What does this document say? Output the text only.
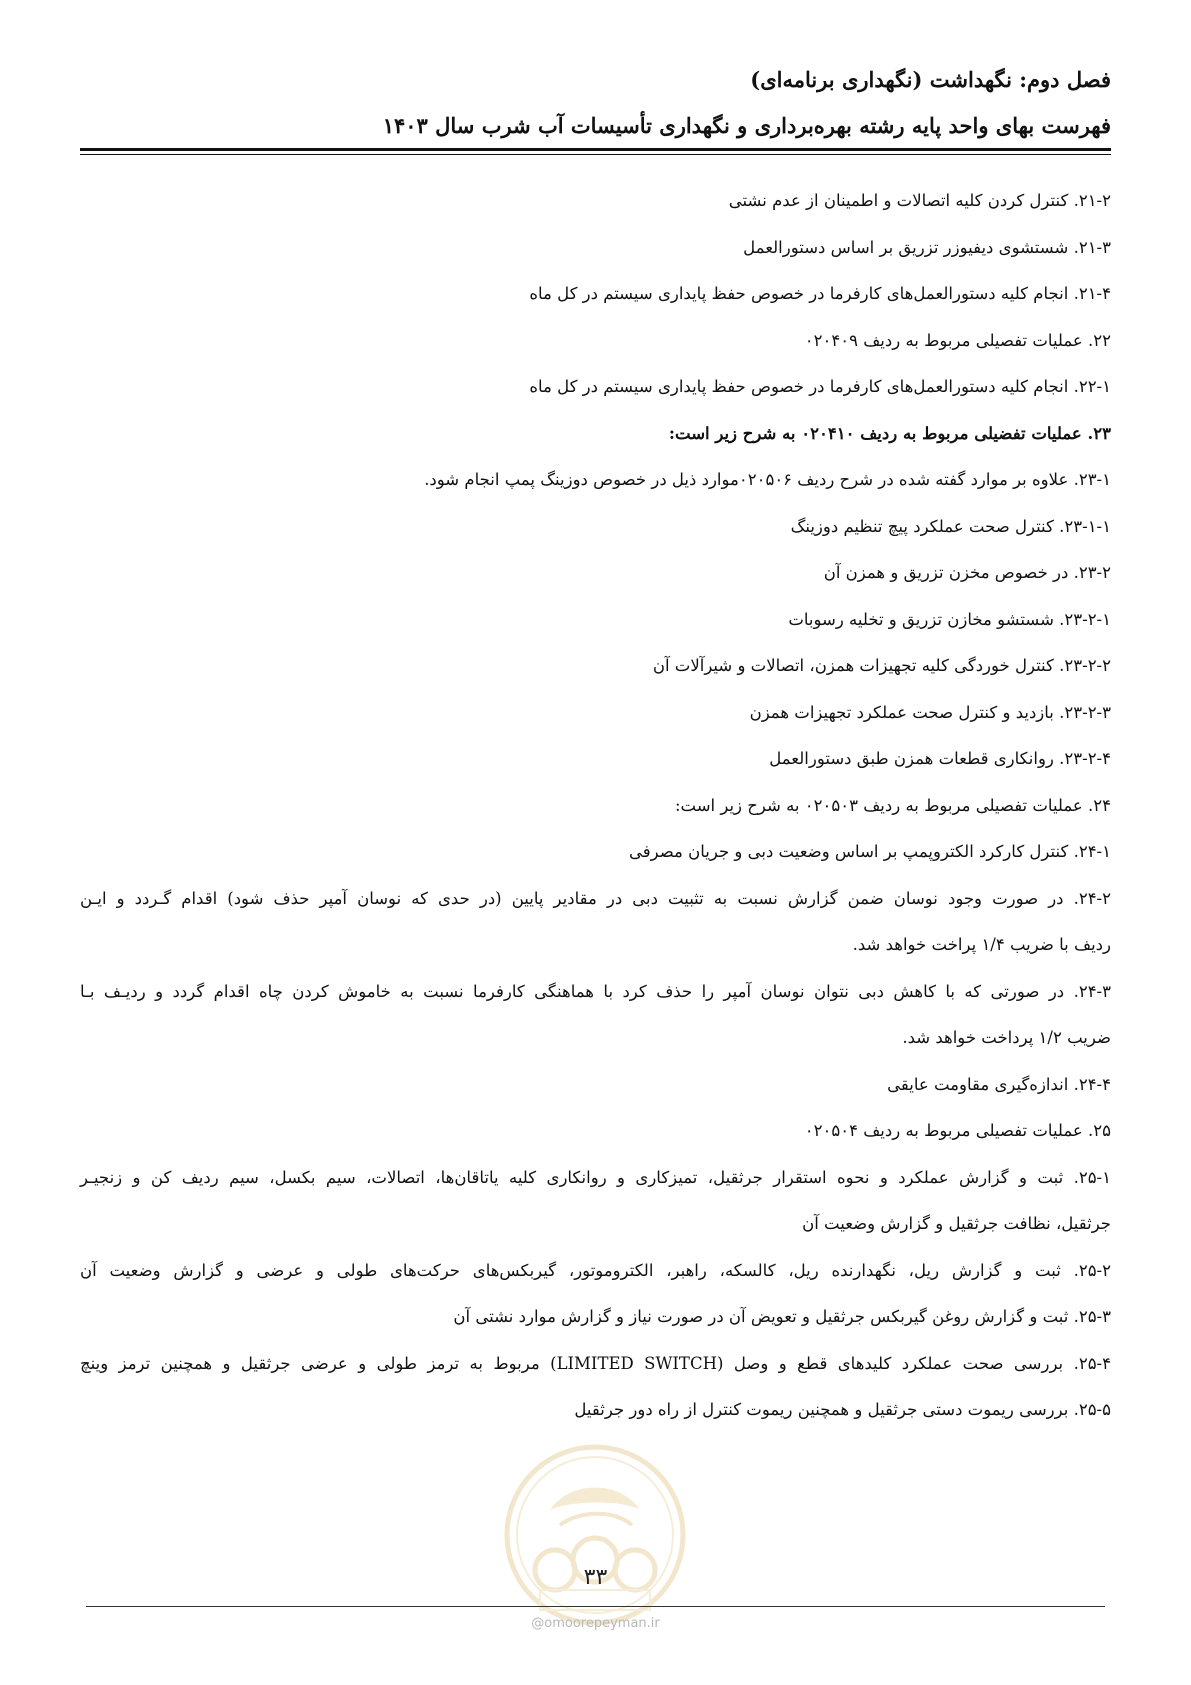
فصل دوم: نگهداشت (نگهداری برنامه‌ای)
فهرست بهای واحد پایه رشته بهره‌برداری و نگهداری تأسیسات آب شرب سال ۱۴۰۳
۲۱-۲. کنترل کردن کلیه اتصالات و اطمینان از عدم نشتی
۲۱-۳. شستشوی دیفیوزر تزریق بر اساس دستورالعمل
۲۱-۴. انجام کلیه دستورالعمل‌های کارفرما در خصوص حفظ پایداری سیستم در کل ماه
۲۲. عملیات تفصیلی مربوط به ردیف ۰۲۰۴۰۹
۲۲-۱. انجام کلیه دستورالعمل‌های کارفرما در خصوص حفظ پایداری سیستم در کل ماه
۲۳. عملیات تفضیلی مربوط به ردیف ۰۲۰۴۱۰ به شرح زیر است:
۲۳-۱. علاوه بر موارد گفته شده در شرح ردیف ۰۲۰۵۰۶موارد ذیل در خصوص دوزینگ پمپ انجام شود.
۲۳-۱-۱. کنترل صحت عملکرد پیچ تنظیم دوزینگ
۲۳-۲. در خصوص مخزن تزریق و همزن آن
۲۳-۲-۱. شستشو مخازن تزریق و تخلیه رسوبات
۲۳-۲-۲. کنترل خوردگی کلیه تجهیزات همزن، اتصالات و شیرآلات آن
۲۳-۲-۳. بازدید و کنترل صحت عملکرد تجهیزات همزن
۲۳-۲-۴. روانکاری قطعات همزن طبق دستورالعمل
۲۴. عملیات تفصیلی مربوط به ردیف ۰۲۰۵۰۳ به شرح زیر است:
۲۴-۱. کنترل کارکرد الکتروپمپ بر اساس وضعیت دبی و جریان مصرفی
۲۴-۲. در صورت وجود نوسان ضمن گزارش نسبت به تثبیت دبی در مقادیر پایین (در حدی که نوسان آمپر حذف شود) اقدام گـردد و ایـن
ردیف با ضریب ۱/۴ پراخت خواهد شد.
۲۴-۳. در صورتی که با کاهش دبی نتوان نوسان آمپر را حذف کرد با هماهنگی کارفرما نسبت به خاموش کردن چاه اقدام گردد و ردیـف بـا
ضریب ۱/۲ پرداخت خواهد شد.
۲۴-۴. اندازه‌گیری مقاومت عایقی
۲۵. عملیات تفصیلی مربوط به ردیف ۰۲۰۵۰۴
۲۵-۱. ثبت و گزارش عملکرد و نحوه استقرار جرثقیل، تمیزکاری و روانکاری کلیه یاتاقان‌ها، اتصالات، سیم بکسل، سیم ردیف کن و زنجیـر
جرثقیل، نظافت جرثقیل و گزارش وضعیت آن
۲۵-۲. ثبت و گزارش ریل، نگهدارنده ریل، کالسکه، راهبر، الکتروموتور، گیربکس‌های حرکت‌های طولی و عرضی و گزارش وضعیت آن
۲۵-۳. ثبت و گزارش روغن گیربکس جرثقیل و تعویض آن در صورت نیاز و گزارش موارد نشتی آن
۲۵-۴. بررسی صحت عملکرد کلیدهای قطع و وصل (LIMITED SWITCH) مربوط به ترمز طولی و عرضی جرثقیل و همچنین ترمز وینچ
۲۵-۵. بررسی ریموت دستی جرثقیل و همچنین ریموت کنترل از راه دور جرثقیل
۳۳
@omoorepeyman.ir
